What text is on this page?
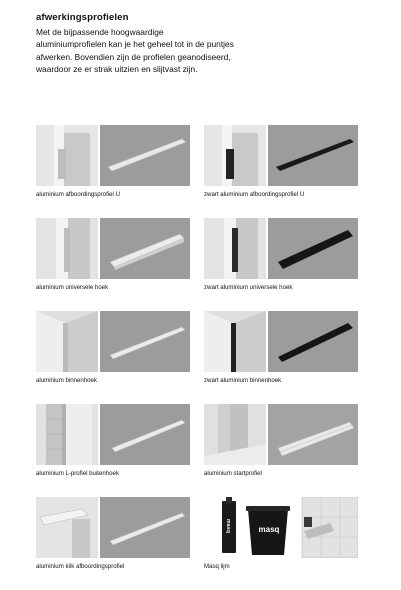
afwerkingsprofielen

Met de bijpassende hoogwaardige

aluminiumprofielen kan je het geheel tot in de puntjes

afwerken. Bovendien zijn de profielen geanodiseerd,

waardoor ze er strak uitzien en slijtvast zijn.

aluminium afboordingsprofiel U	zwart aluminium afboordingsprofiel U
aluminium universele hoek	zwart aluminium universele hoek
aluminium binnenhoek	zwart aluminium binnenhoek
aluminium L-profiel buitenhoek	aluminium startprofiel
aluminium klik afboordingsprofiel
masq	masq
Masq lijm
